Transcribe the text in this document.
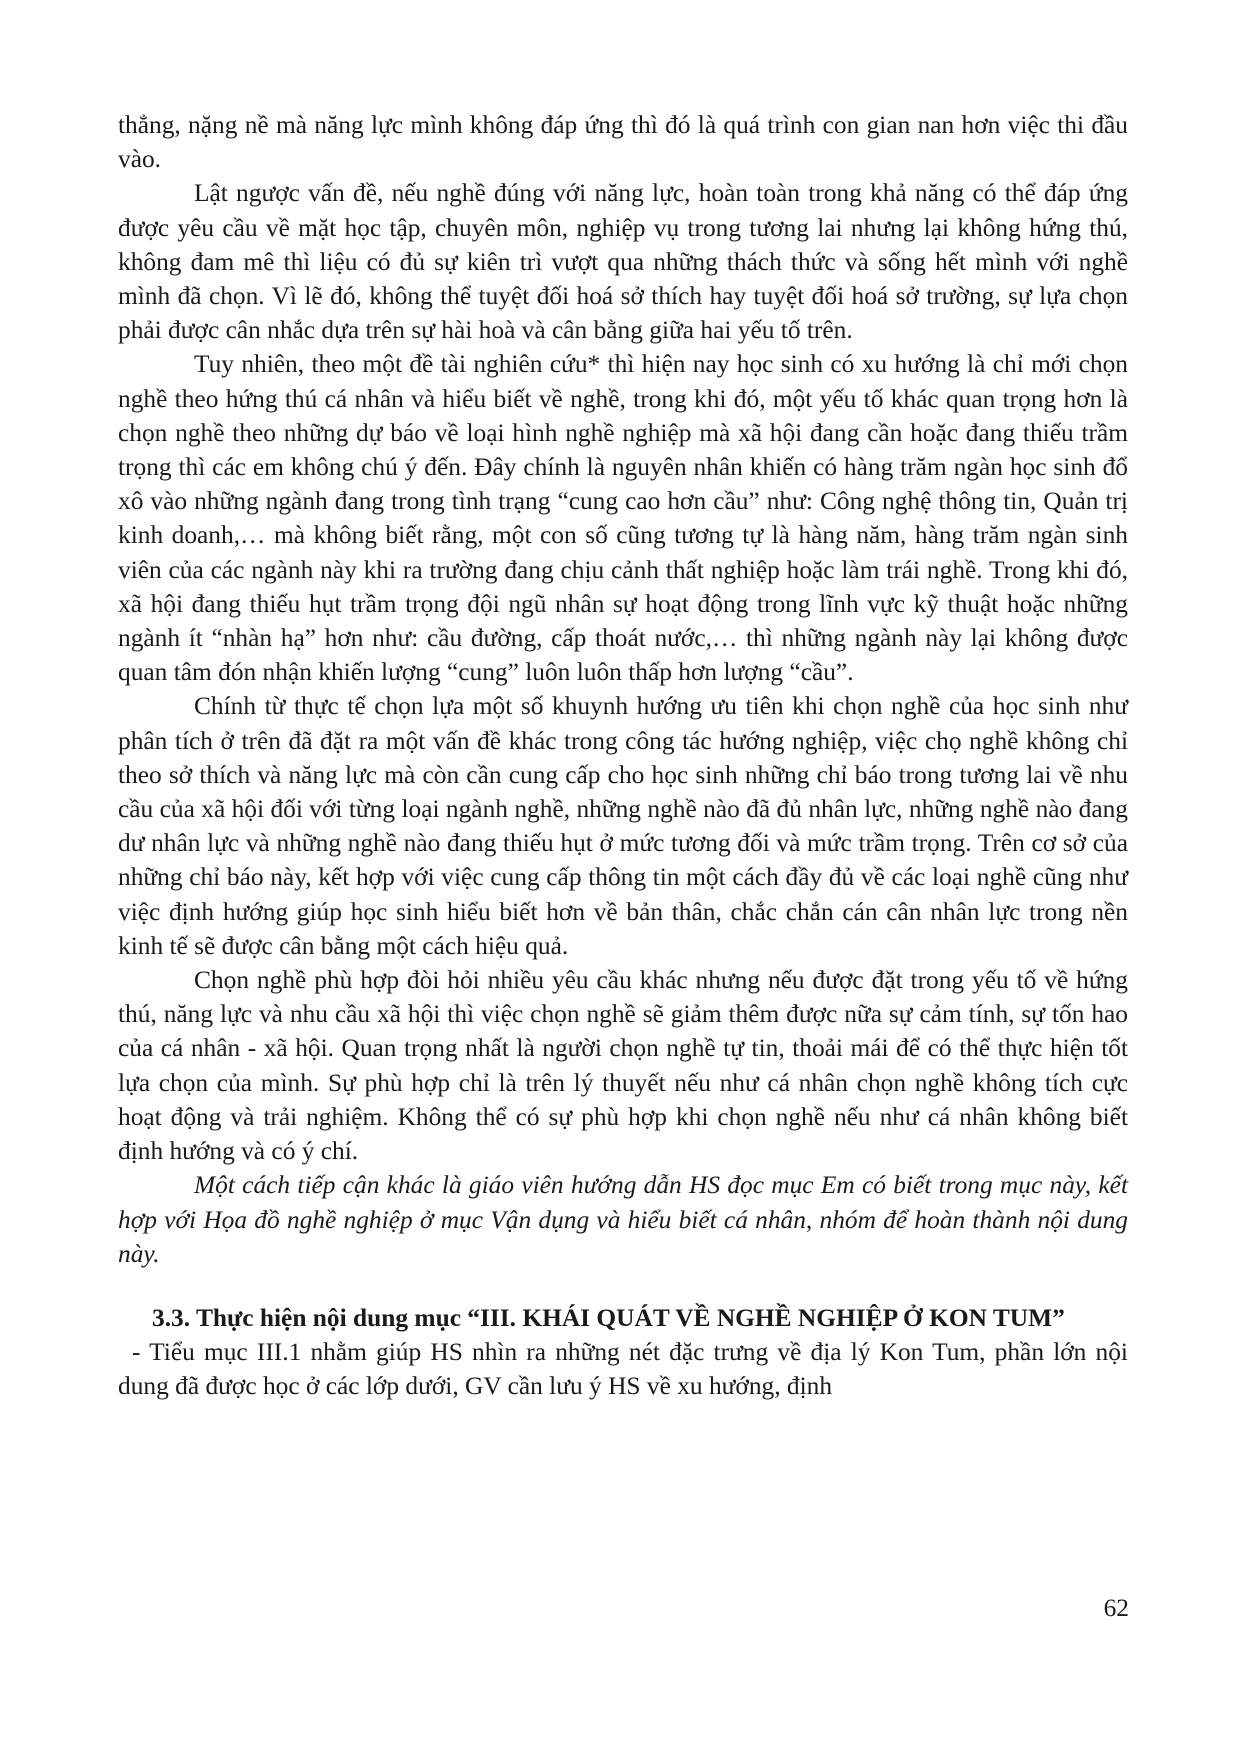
thẳng, nặng nề mà năng lực mình không đáp ứng thì đó là quá trình con gian nan hơn việc thi đầu vào.

Lật ngược vấn đề, nếu nghề đúng với năng lực, hoàn toàn trong khả năng có thể đáp ứng được yêu cầu về mặt học tập, chuyên môn, nghiệp vụ trong tương lai nhưng lại không hứng thú, không đam mê thì liệu có đủ sự kiên trì vượt qua những thách thức và sống hết mình với nghề mình đã chọn. Vì lẽ đó, không thể tuyệt đối hoá sở thích hay tuyệt đối hoá sở trường, sự lựa chọn phải được cân nhắc dựa trên sự hài hoà và cân bằng giữa hai yếu tố trên.

Tuy nhiên, theo một đề tài nghiên cứu* thì hiện nay học sinh có xu hướng là chỉ mới chọn nghề theo hứng thú cá nhân và hiểu biết về nghề, trong khi đó, một yếu tố khác quan trọng hơn là chọn nghề theo những dự báo về loại hình nghề nghiệp mà xã hội đang cần hoặc đang thiếu trầm trọng thì các em không chú ý đến. Đây chính là nguyên nhân khiến có hàng trăm ngàn học sinh đổ xô vào những ngành đang trong tình trạng “cung cao hơn cầu” như: Công nghệ thông tin, Quản trị kinh doanh,… mà không biết rằng, một con số cũng tương tự là hàng năm, hàng trăm ngàn sinh viên của các ngành này khi ra trường đang chịu cảnh thất nghiệp hoặc làm trái nghề. Trong khi đó, xã hội đang thiếu hụt trầm trọng đội ngũ nhân sự hoạt động trong lĩnh vực kỹ thuật hoặc những ngành ít “nhàn hạ” hơn như: cầu đường, cấp thoát nước,… thì những ngành này lại không được quan tâm đón nhận khiến lượng “cung” luôn luôn thấp hơn lượng “cầu”.

Chính từ thực tế chọn lựa một số khuynh hướng ưu tiên khi chọn nghề của học sinh như phân tích ở trên đã đặt ra một vấn đề khác trong công tác hướng nghiệp, việc chọ nghề không chỉ theo sở thích và năng lực mà còn cần cung cấp cho học sinh những chỉ báo trong tương lai về nhu cầu của xã hội đối với từng loại ngành nghề, những nghề nào đã đủ nhân lực, những nghề nào đang dư nhân lực và những nghề nào đang thiếu hụt ở mức tương đối và mức trầm trọng. Trên cơ sở của những chỉ báo này, kết hợp với việc cung cấp thông tin một cách đầy đủ về các loại nghề cũng như việc định hướng giúp học sinh hiểu biết hơn về bản thân, chắc chắn cán cân nhân lực trong nền kinh tế sẽ được cân bằng một cách hiệu quả.

Chọn nghề phù hợp đòi hỏi nhiều yêu cầu khác nhưng nếu được đặt trong yếu tố về hứng thú, năng lực và nhu cầu xã hội thì việc chọn nghề sẽ giảm thêm được nữa sự cảm tính, sự tốn hao của cá nhân - xã hội. Quan trọng nhất là người chọn nghề tự tin, thoải mái để có thể thực hiện tốt lựa chọn của mình. Sự phù hợp chỉ là trên lý thuyết nếu như cá nhân chọn nghề không tích cực hoạt động và trải nghiệm. Không thể có sự phù hợp khi chọn nghề nếu như cá nhân không biết định hướng và có ý chí.

Một cách tiếp cận khác là giáo viên hướng dẫn HS đọc mục Em có biết trong mục này, kết hợp với Họa đồ nghề nghiệp ở mục Vận dụng và hiểu biết cá nhân, nhóm để hoàn thành nội dung này.

3.3. Thực hiện nội dung mục “III. KHÁI QUÁT VỀ NGHỀ NGHIỆP Ở KON TUM”

- Tiểu mục III.1 nhằm giúp HS nhìn ra những nét đặc trưng về địa lý Kon Tum, phần lớn nội dung đã được học ở các lớp dưới, GV cần lưu ý HS về xu hướng, định

62
